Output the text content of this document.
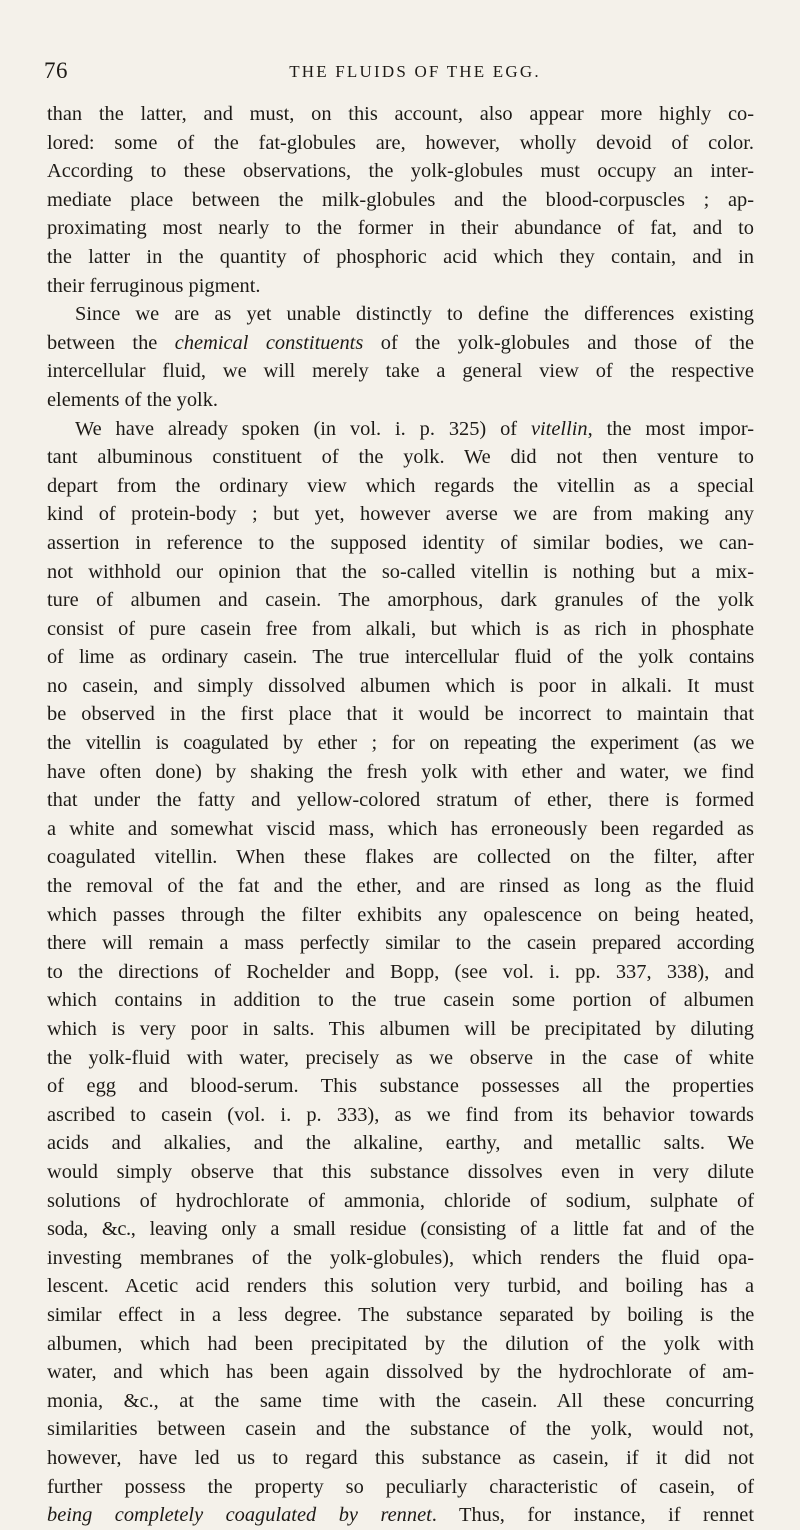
76	THE FLUIDS OF THE EGG.
than the latter, and must, on this account, also appear more highly co-
lored: some of the fat-globules are, however, wholly devoid of color.
According to these observations, the yolk-globules must occupy an inter-
mediate place between the milk-globules and the blood-corpuscles ; ap-
proximating most nearly to the former in their abundance of fat, and to
the latter in the quantity of phosphoric acid which they contain, and in
their ferruginous pigment.
Since we are as yet unable distinctly to define the differences existing
between the chemical constituents of the yolk-globules and those of the
intercellular fluid, we will merely take a general view of the respective
elements of the yolk.
We have already spoken (in vol. i. p. 325) of vitellin, the most impor-
tant albuminous constituent of the yolk. We did not then venture to
depart from the ordinary view which regards the vitellin as a special
kind of protein-body ; but yet, however averse we are from making any
assertion in reference to the supposed identity of similar bodies, we can-
not withhold our opinion that the so-called vitellin is nothing but a mix-
ture of albumen and casein. The amorphous, dark granules of the yolk
consist of pure casein free from alkali, but which is as rich in phosphate
of lime as ordinary casein. The true intercellular fluid of the yolk contains
no casein, and simply dissolved albumen which is poor in alkali. It must
be observed in the first place that it would be incorrect to maintain that
the vitellin is coagulated by ether ; for on repeating the experiment (as we
have often done) by shaking the fresh yolk with ether and water, we find
that under the fatty and yellow-colored stratum of ether, there is formed
a white and somewhat viscid mass, which has erroneously been regarded as
coagulated vitellin. When these flakes are collected on the filter, after
the removal of the fat and the ether, and are rinsed as long as the fluid
which passes through the filter exhibits any opalescence on being heated,
there will remain a mass perfectly similar to the casein prepared according
to the directions of Rochelder and Bopp, (see vol. i. pp. 337, 338), and
which contains in addition to the true casein some portion of albumen
which is very poor in salts. This albumen will be precipitated by diluting
the yolk-fluid with water, precisely as we observe in the case of white
of egg and blood-serum. This substance possesses all the properties
ascribed to casein (vol. i. p. 333), as we find from its behavior towards
acids and alkalies, and the alkaline, earthy, and metallic salts. We
would simply observe that this substance dissolves even in very dilute
solutions of hydrochlorate of ammonia, chloride of sodium, sulphate of
soda, &c., leaving only a small residue (consisting of a little fat and of the
investing membranes of the yolk-globules), which renders the fluid opa-
lescent. Acetic acid renders this solution very turbid, and boiling has a
similar effect in a less degree. The substance separated by boiling is the
albumen, which had been precipitated by the dilution of the yolk with
water, and which has been again dissolved by the hydrochlorate of am-
monia, &c., at the same time with the casein. All these concurring
similarities between casein and the substance of the yolk, would not,
however, have led us to regard this substance as casein, if it did not
further possess the property so peculiarly characteristic of casein, of
being completely coagulated by rennet. Thus, for instance, if rennet
